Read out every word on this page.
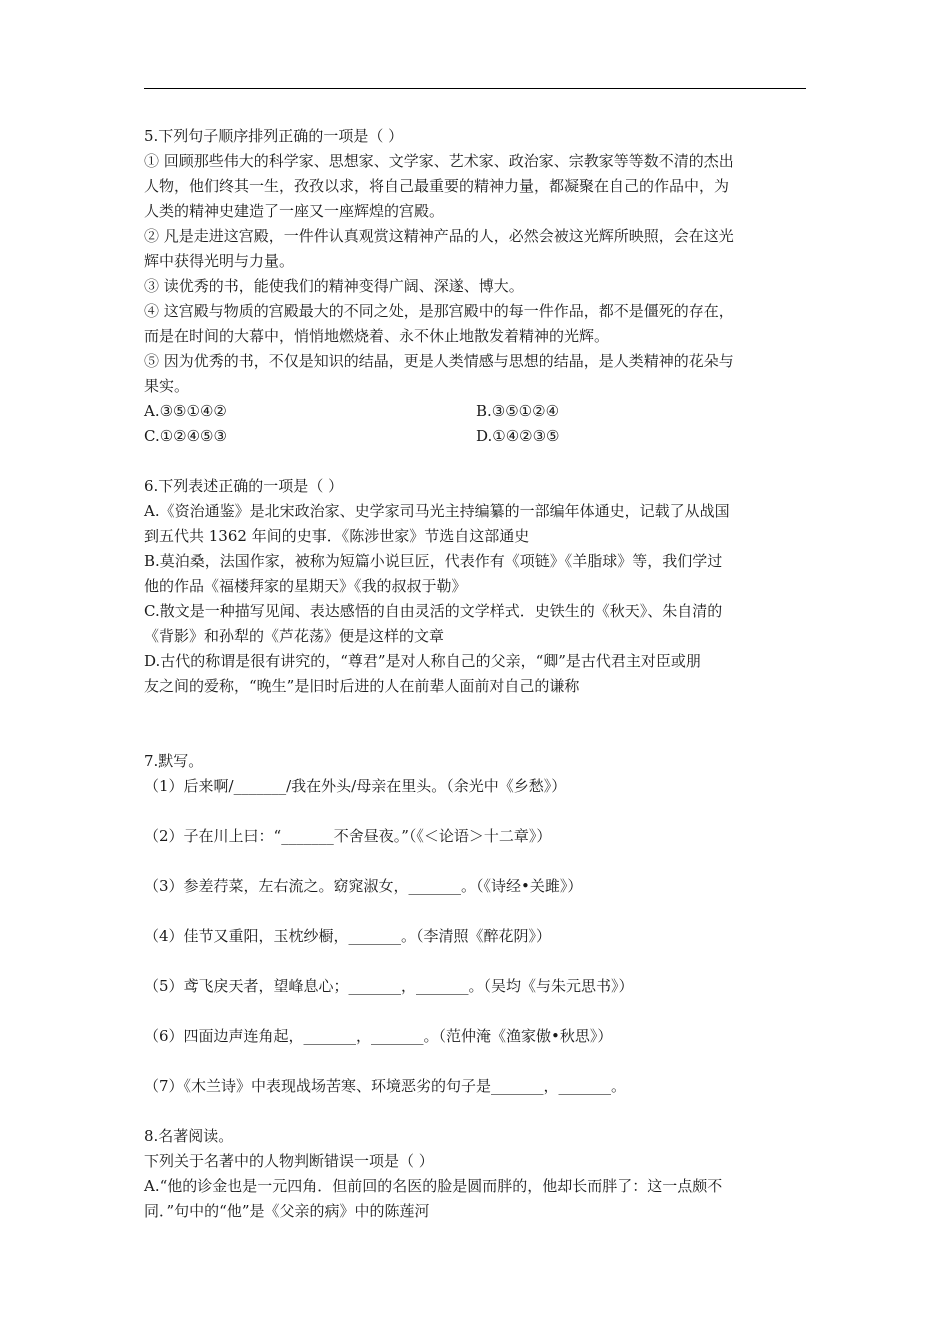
5.下列句子顺序排列正确的一项是（ ）
① 回顾那些伟大的科学家、思想家、文学家、艺术家、政治家、宗教家等等数不清的杰出
人物，他们终其一生，孜孜以求，将自己最重要的精神力量，都凝聚在自己的作品中，为
人类的精神史建造了一座又一座辉煌的宫殿。
② 凡是走进这宫殿，一件件认真观赏这精神产品的人，必然会被这光辉所映照，会在这光
辉中获得光明与力量。
③ 读优秀的书，能使我们的精神变得广阔、深遂、博大。
④ 这宫殿与物质的宫殿最大的不同之处，是那宫殿中的每一件作品，都不是僵死的存在，
而是在时间的大幕中，悄悄地燃烧着、永不休止地散发着精神的光辉。
⑤ 因为优秀的书，不仅是知识的结晶，更是人类情感与思想的结晶，是人类精神的花朵与
果实。
A.③⑤①④②	B.③⑤①②④
C.①②④⑤③	D.①④②③⑤
6.下列表述正确的一项是（ ）
A.《资治通鉴》是北宋政治家、史学家司马光主持编纂的一部编年体通史，记载了从战国
到五代共 1362 年间的史事．《陈涉世家》节选自这部通史
B.莫泊桑，法国作家，被称为短篇小说巨匠，代表作有《项链》《羊脂球》等，我们学过
他的作品《福楼拜家的星期天》《我的叔叔于勒》
C.散文是一种描写见闻、表达感悟的自由灵活的文学样式．史铁生的《秋天》、朱自清的
《背影》和孙犁的《芦花荡》便是这样的文章
D.古代的称谓是很有讲究的，“尊君”是对人称自己的父亲，“卿”是古代君主对臣或朋
友之间的爱称，“晚生”是旧时后进的人在前辈人面前对自己的谦称
7.默写。
（1）后来啊/_______/我在外头/母亲在里头。（余光中《乡愁》）
（2）子在川上曰：“_______不舍昼夜。”（《＜论语＞十二章》）
（3）参差荇菜，左右流之。窈窕淑女，_______。（《诗经•关雎》）
（4）佳节又重阳，玉枕纱橱，_______。（李清照《醉花阴》）
（5）鸢飞戾天者，望峰息心；_______，_______。（吴均《与朱元思书》）
（6）四面边声连角起，_______，_______。（范仲淹《渔家傲•秋思》）
（7）《木兰诗》中表现战场苦寒、环境恶劣的句子是_______，_______。
8.名著阅读。
下列关于名著中的人物判断错误一项是（ ）
A.“他的诊金也是一元四角．但前回的名医的脸是圆而胖的，他却长而胖了：这一点颇不
同．”句中的“他”是《父亲的病》中的陈莲河
